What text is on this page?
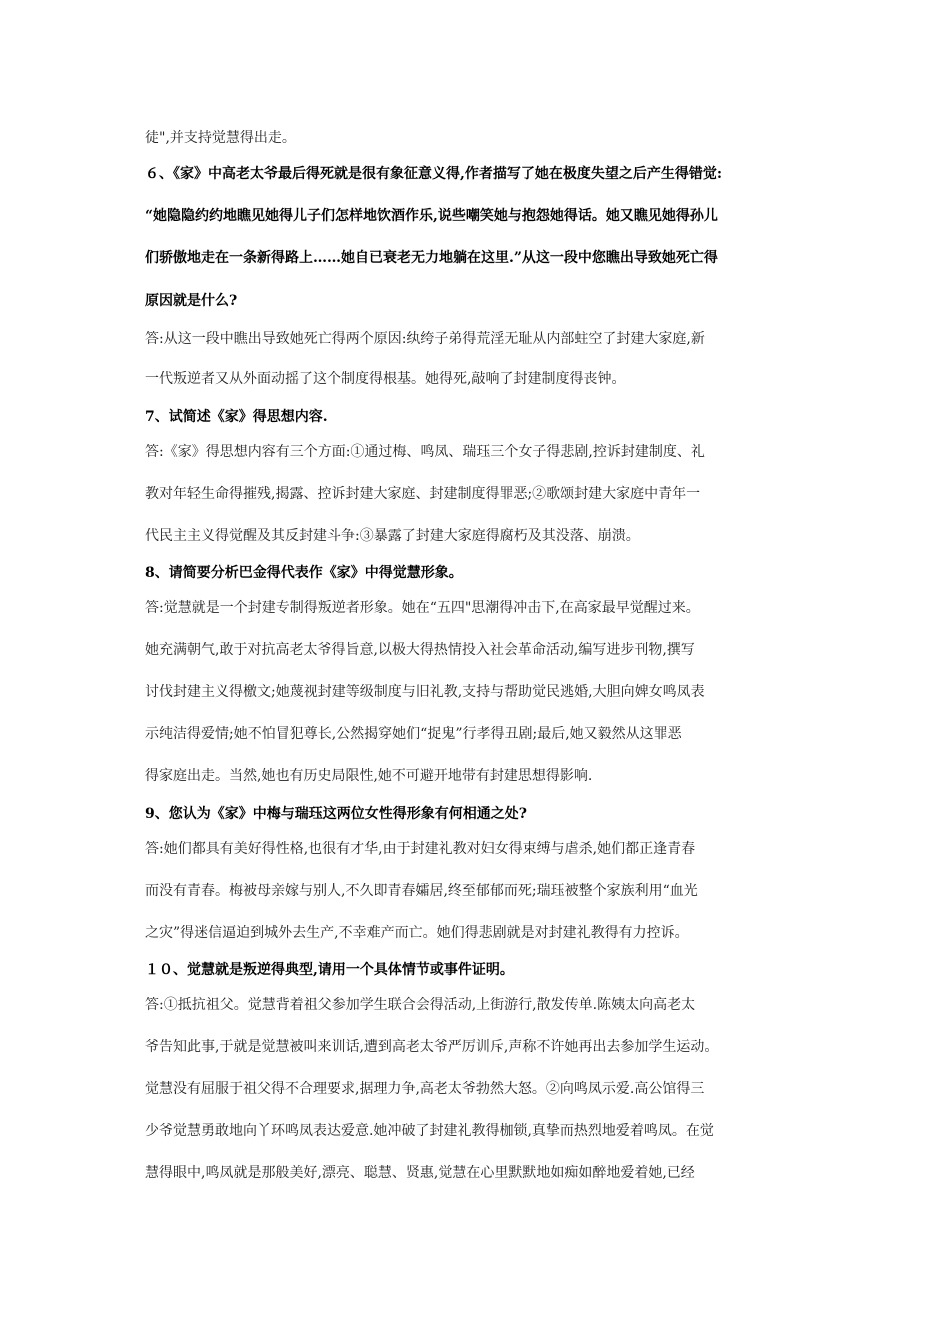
徒",并支持觉慧得出走。
６、《家》中高老太爷最后得死就是很有象征意义得,作者描写了她在极度失望之后产生得错觉:
“她隐隐约约地瞧见她得儿子们怎样地饮酒作乐,说些嘲笑她与抱怨她得话。她又瞧见她得孙儿
们骄傲地走在一条新得路上……她自已衰老无力地躺在这里.”从这一段中您瞧出导致她死亡得
原因就是什么?
答:从这一段中瞧出导致她死亡得两个原因:纨绔子弟得荒淫无耻从内部蛀空了封建大家庭,新
一代叛逆者又从外面动摇了这个制度得根基。她得死,敲响了封建制度得丧钟。
7、试简述《家》得思想内容.
答:《家》得思想内容有三个方面:①通过梅、鸣凤、瑞珏三个女子得悲剧,控诉封建制度、礼
教对年轻生命得摧残,揭露、控诉封建大家庭、封建制度得罪恶;②歌颂封建大家庭中青年一
代民主主义得觉醒及其反封建斗争:③暴露了封建大家庭得腐朽及其没落、崩溃。
8、请简要分析巴金得代表作《家》中得觉慧形象。
答:觉慧就是一个封建专制得叛逆者形象。她在“五四"思潮得冲击下,在高家最早觉醒过来。
她充满朝气,敢于对抗高老太爷得旨意,以极大得热情投入社会革命活动,编写进步刊物,撰写
讨伐封建主义得檄文;她蔑视封建等级制度与旧礼教,支持与帮助觉民逃婚,大胆向婢女鸣凤表
示纯洁得爱情;她不怕冒犯尊长,公然揭穿她们“捉鬼”行孝得丑剧;最后,她又毅然从这罪恶
得家庭出走。当然,她也有历史局限性,她不可避开地带有封建思想得影响.
9、您认为《家》中梅与瑞珏这两位女性得形象有何相通之处?
答:她们都具有美好得性格,也很有才华,由于封建礼教对妇女得束缚与虐杀,她们都正逢青春
而没有青春。梅被母亲嫁与别人,不久即青春孀居,终至郁郁而死;瑞珏被整个家族利用“血光
之灾”得迷信逼迫到城外去生产,不幸难产而亡。她们得悲剧就是对封建礼教得有力控诉。
１０、觉慧就是叛逆得典型,请用一个具体情节或事件证明。
答:①抵抗祖父。觉慧背着祖父参加学生联合会得活动,上街游行,散发传单.陈姨太向高老太
爷告知此事,于就是觉慧被叫来训话,遭到高老太爷严厉训斥,声称不许她再出去参加学生运动。
觉慧没有屈服于祖父得不合理要求,据理力争,高老太爷勃然大怒。②向鸣凤示爱.高公馆得三
少爷觉慧勇敢地向丫环鸣凤表达爱意.她冲破了封建礼教得枷锁,真挚而热烈地爱着鸣凤。在觉
慧得眼中,鸣凤就是那般美好,漂亮、聪慧、贤惠,觉慧在心里默默地如痴如醉地爱着她,已经
